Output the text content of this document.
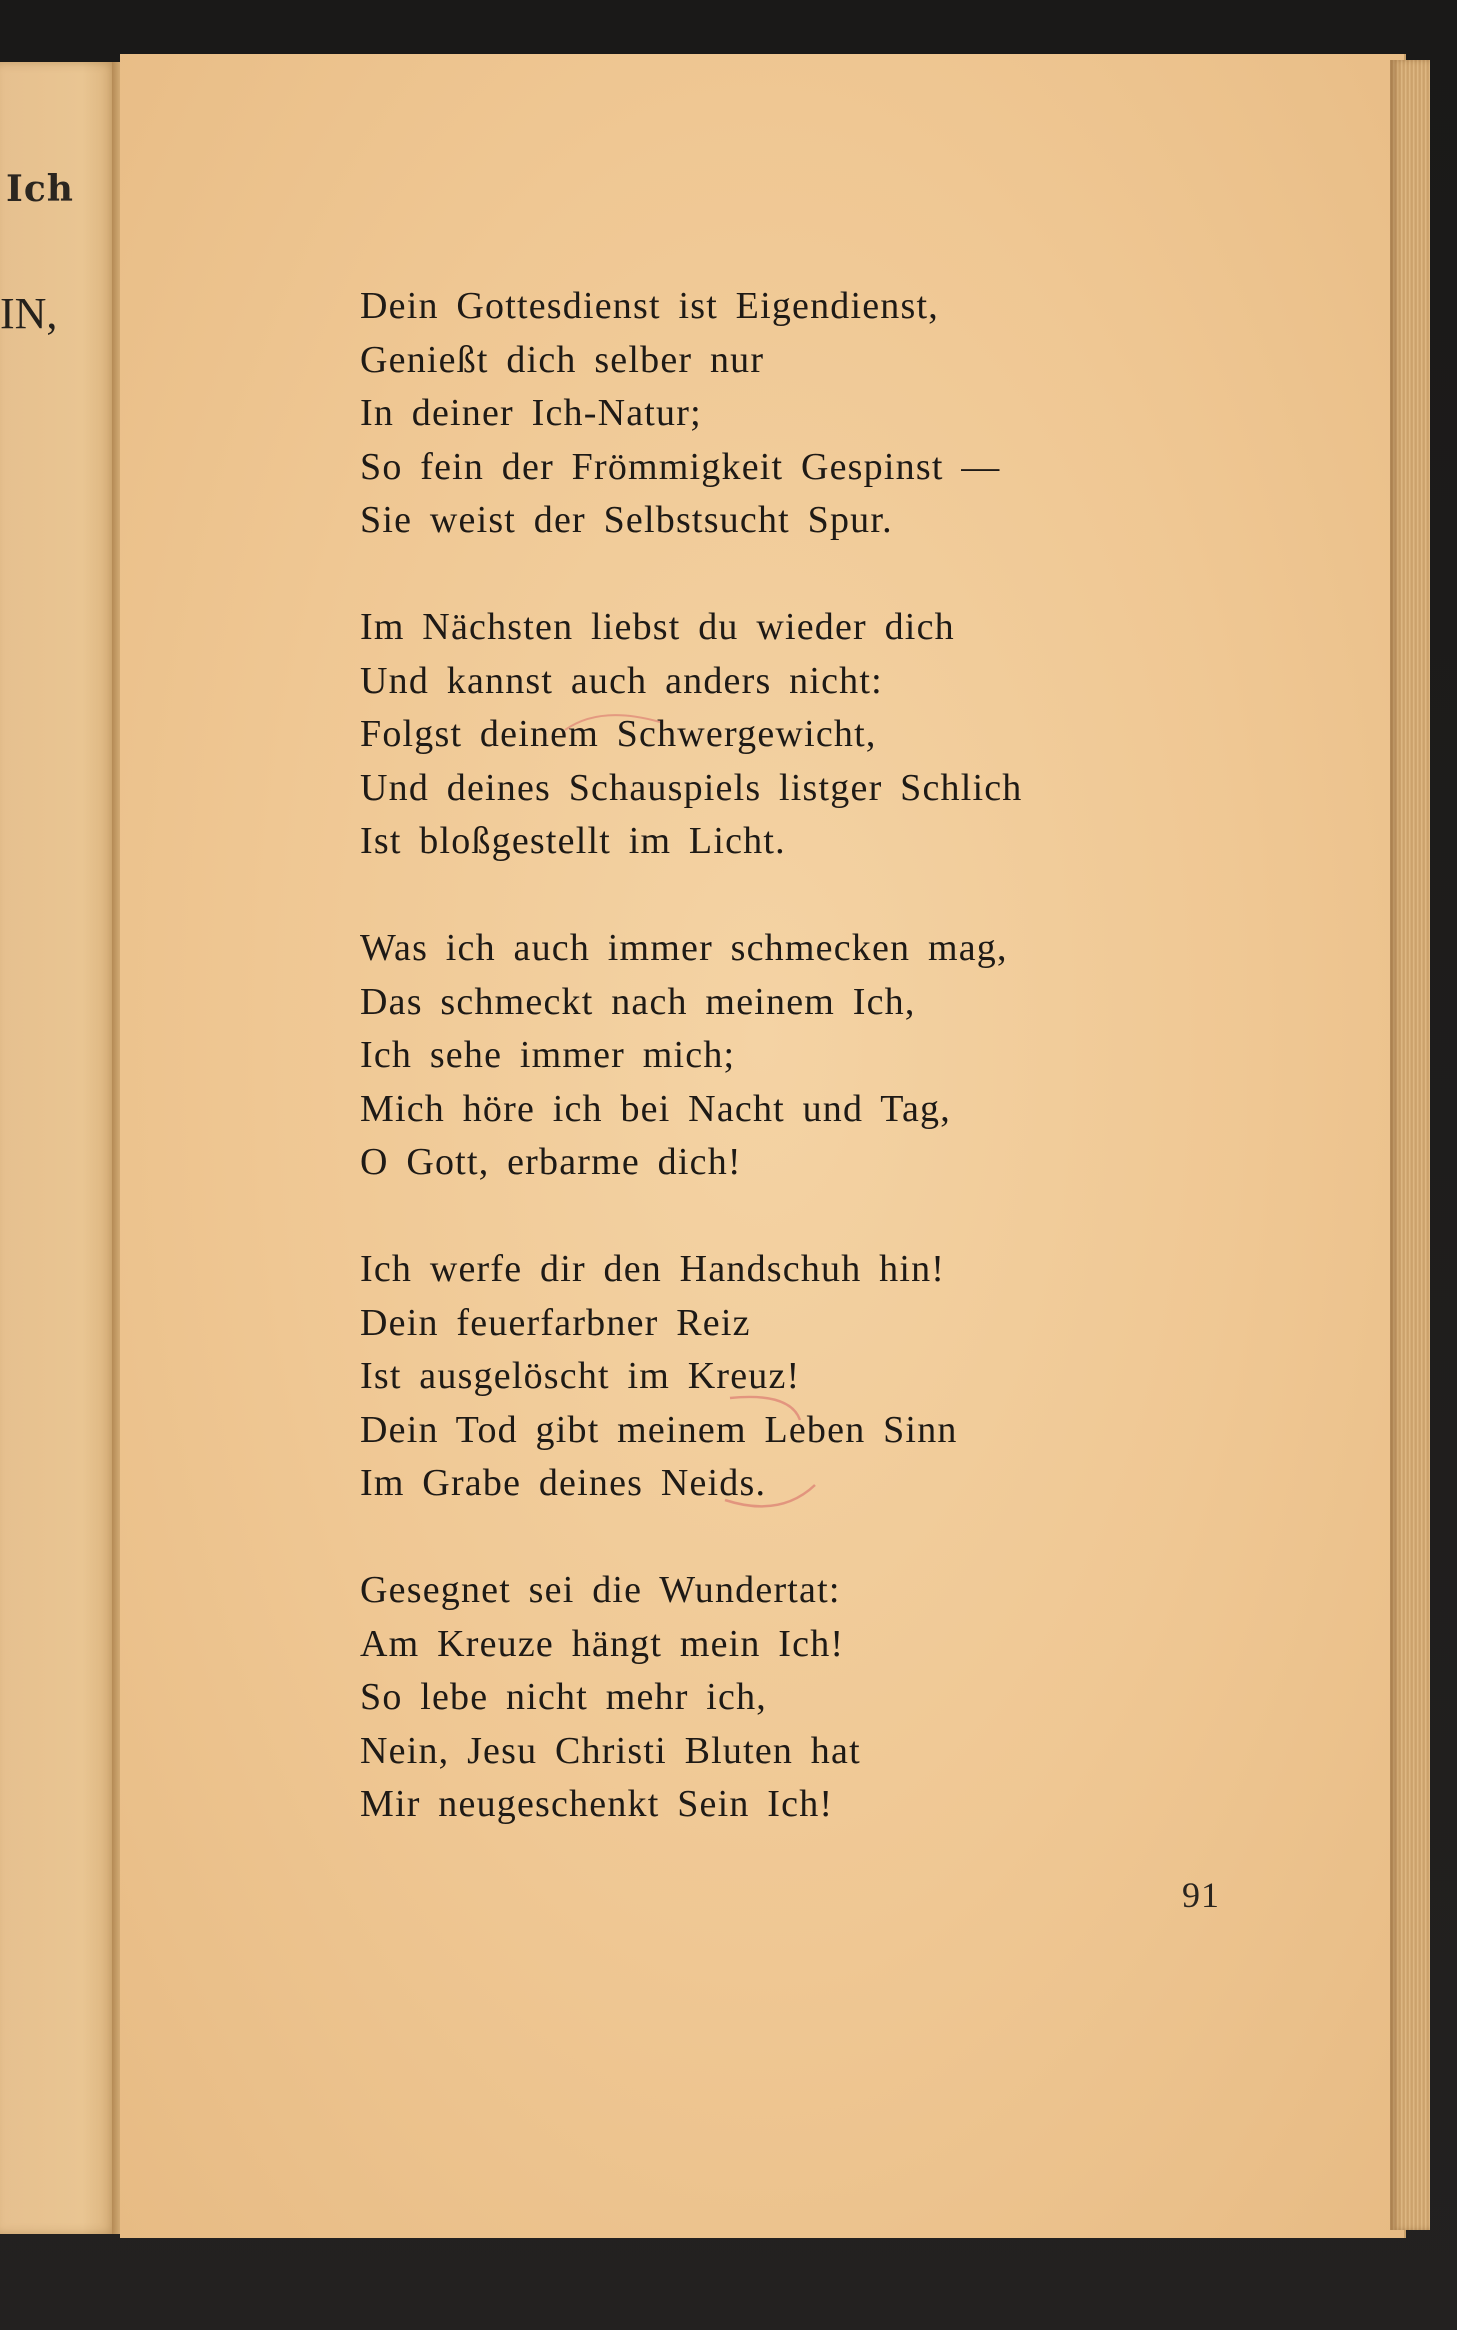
Ich
IN,	Dein Gottesdienst ist Eigendienst,
Genießt dich selber nur
In deiner Ich-Natur;
So fein der Frömmigkeit Gespinst —
Sie weist der Selbstsucht Spur.
Im Nächsten liebst du wieder dich
Und kannst auch anders nicht:
Folgst deinem Schwergewicht,
Und deines Schauspiels listger Schlich
Ist bloßgestellt im Licht.
Was ich auch immer schmecken mag,
Das schmeckt nach meinem Ich,
Ich sehe immer mich;
Mich höre ich bei Nacht und Tag,
O Gott, erbarme dich!
Ich werfe dir den Handschuh hin!
Dein feuerfarbner Reiz
Ist ausgelöscht im Kreuz!
Dein Tod gibt meinem Leben Sinn
Im Grabe deines Neids.
Gesegnet sei die Wundertat:
Am Kreuze hängt mein Ich!
So lebe nicht mehr ich,
Nein, Jesu Christi Bluten hat
Mir neugeschenkt Sein Ich!
91
